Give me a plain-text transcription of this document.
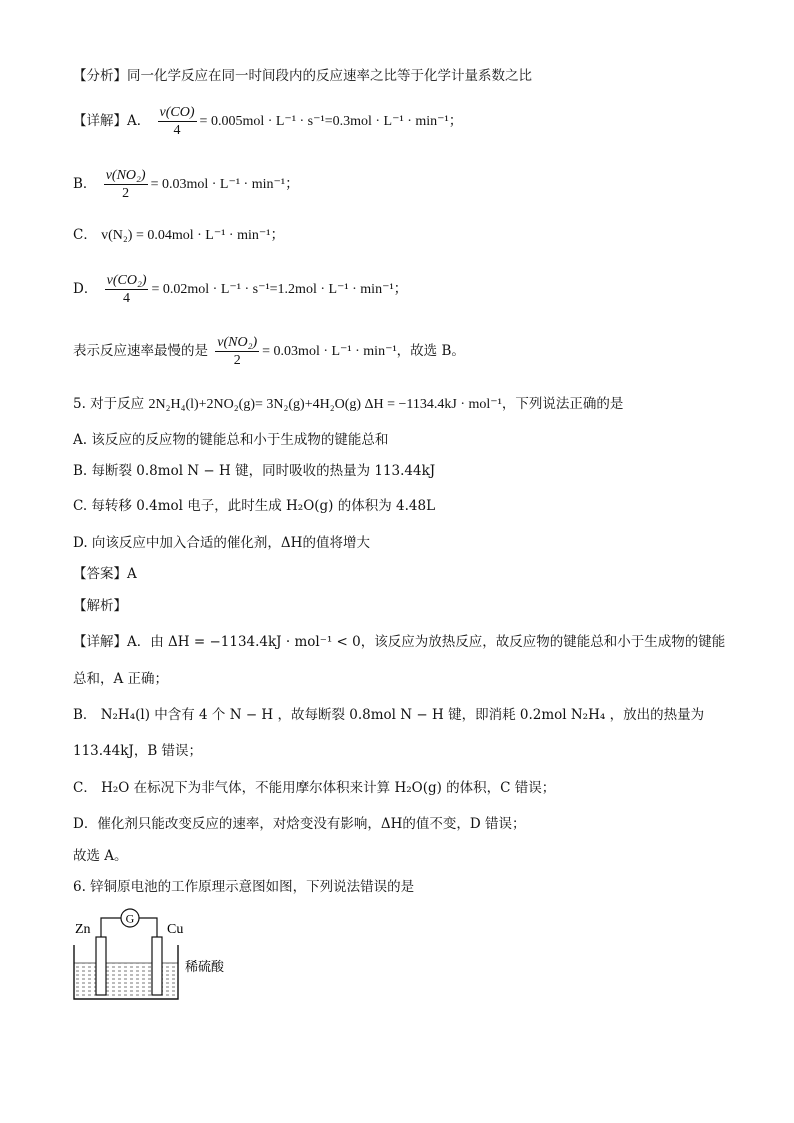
【分析】同一化学反应在同一时间段内的反应速率之比等于化学计量系数之比
【详解】A． $\frac{v(CO)}{4} = 0.005mol \cdot L^{-1} \cdot s^{-1}=0.3mol \cdot L^{-1} \cdot \min^{-1}$；
B． $\frac{\text{v(NO₂)}}{2} = 0.03mol \cdot L^{-1} \cdot \min^{-1}$；
C． v(N₂) = 0.04mol · L⁻¹ · min⁻¹；
D． $\frac{\text{v(CO₂)}}{4} = 0.02mol \cdot L^{-1} \cdot s^{-1}=1.2mol \cdot L^{-1} \cdot \min^{-1}$；
表示反应速率最慢的是 $\frac{\text{v(NO₂)}}{2} = 0.03mol \cdot L^{-1} \cdot \min^{-1}$，故选 B。
5. 对于反应 2N₂H₄(l)+2NO₂(g)= 3N₂(g)+4H₂O(g) ΔH = −1134.4kJ · mol⁻¹，下列说法正确的是
A. 该反应的反应物的键能总和小于生成物的键能总和
B. 每断裂 0.8mol N − H 键，同时吸收的热量为 113.44kJ
C. 每转移 0.4mol 电子，此时生成 H₂O(g) 的体积为 4.48L
D. 向该反应中加入合适的催化剂，ΔH的值将增大
【答案】A
【解析】
【详解】A．由 ΔH = −1134.4kJ · mol⁻¹ < 0，该反应为放热反应，故反应物的键能总和小于生成物的键能
总和，A 正确；
B． N₂H₄(l) 中含有 4 个 N − H ，故每断裂 0.8mol N − H 键，即消耗 0.2mol N₂H₄ ，放出的热量为
113.44kJ，B 错误；
C． H₂O 在标况下为非气体，不能用摩尔体积来计算 H₂O(g) 的体积，C 错误；
D．催化剂只能改变反应的速率，对焓变没有影响，ΔH的值不变，D 错误；
故选 A。
6. 锌铜原电池的工作原理示意图如图，下列说法错误的是
G
Zn	Cu
稀硫酸
